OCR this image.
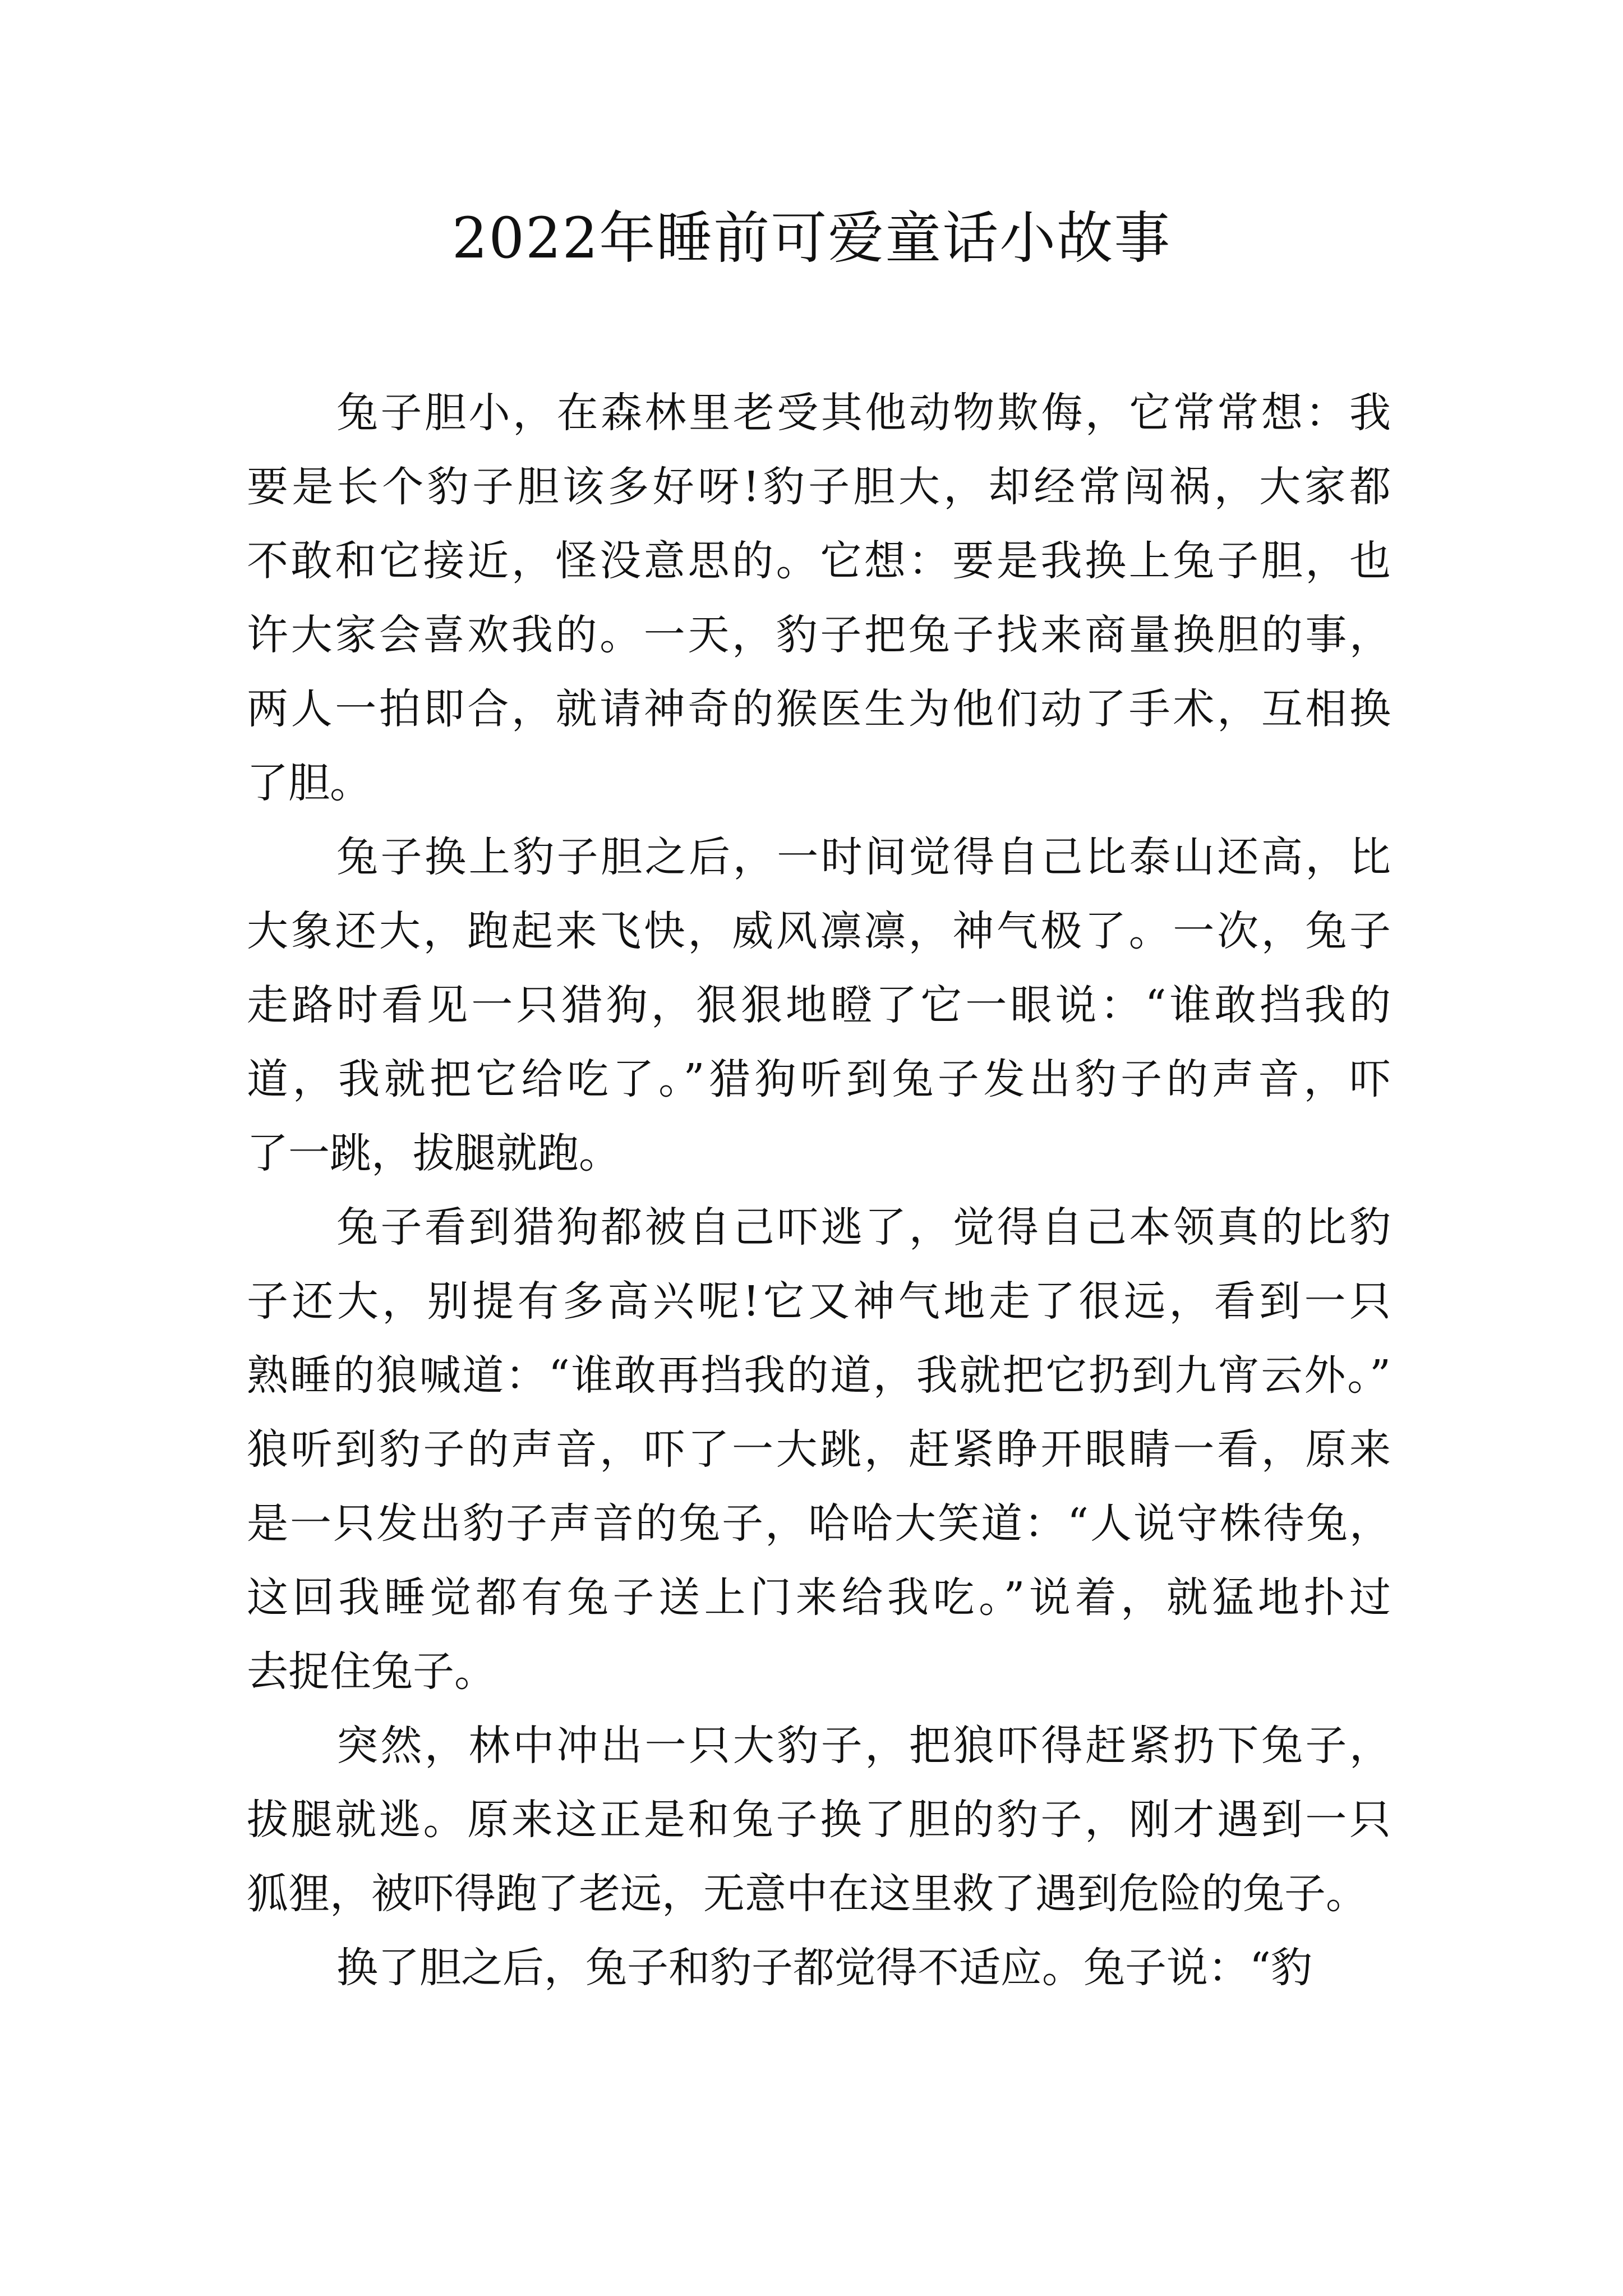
2022年睡前可爱童话小故事
兔子胆小，在森林里老受其他动物欺侮，它常常想：我
要是长个豹子胆该多好呀!豹子胆大，却经常闯祸，大家都
不敢和它接近，怪没意思的。它想：要是我换上兔子胆，也
许大家会喜欢我的。一天，豹子把兔子找来商量换胆的事，
两人一拍即合，就请神奇的猴医生为他们动了手术，互相换
了胆。
兔子换上豹子胆之后，一时间觉得自己比泰山还高，比
大象还大，跑起来飞快，威风凛凛，神气极了。一次，兔子
走路时看见一只猎狗，狠狠地瞪了它一眼说：“谁敢挡我的
道，我就把它给吃了。”猎狗听到兔子发出豹子的声音，吓
了一跳，拔腿就跑。
兔子看到猎狗都被自己吓逃了，觉得自己本领真的比豹
子还大，别提有多高兴呢!它又神气地走了很远，看到一只
熟睡的狼喊道：“谁敢再挡我的道，我就把它扔到九宵云外。”
狼听到豹子的声音，吓了一大跳，赶紧睁开眼睛一看，原来
是一只发出豹子声音的兔子，哈哈大笑道：“人说守株待兔，
这回我睡觉都有兔子送上门来给我吃。”说着，就猛地扑过
去捉住兔子。
突然，林中冲出一只大豹子，把狼吓得赶紧扔下兔子，
拔腿就逃。原来这正是和兔子换了胆的豹子，刚才遇到一只
狐狸，被吓得跑了老远，无意中在这里救了遇到危险的兔子。
换了胆之后，兔子和豹子都觉得不适应。兔子说：“豹
